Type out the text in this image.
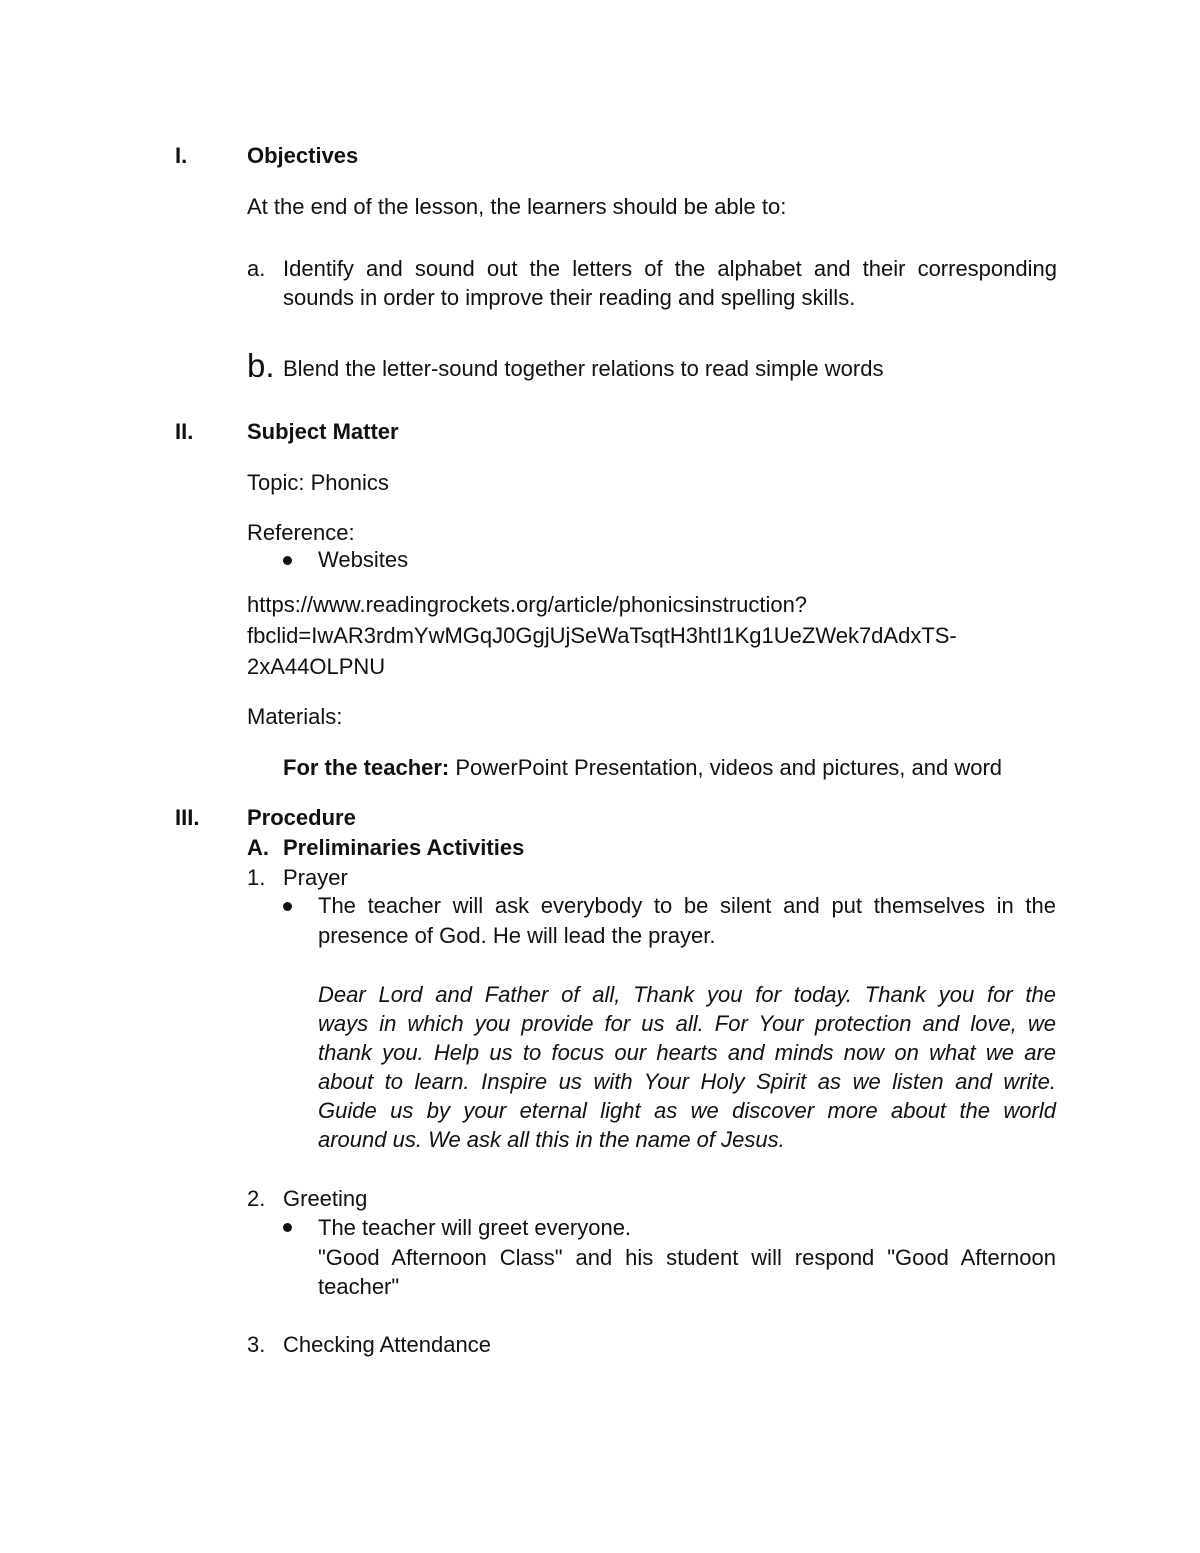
I.	Objectives
At the end of the lesson, the learners should be able to:
a. Identify and sound out the letters of the alphabet and their corresponding
sounds in order to improve their reading and spelling skills.
b. Blend the letter-sound together relations to read simple words
II. Subject Matter
Topic: Phonics
Reference:
Websites
https://www.readingrockets.org/article/phonicsinstruction?
fbclid=IwAR3rdmYwMGqJ0GgjUjSeWaTsqtH3htI1Kg1UeZWek7dAdxTS-
2xA44OLPNU
Materials:
For the teacher: PowerPoint Presentation, videos and pictures, and word
III. Procedure
A. Preliminaries Activities
1. Prayer
The teacher will ask everybody to be silent and put themselves in the
presence of God. He will lead the prayer.
Dear Lord and Father of all, Thank you for today. Thank you for the
ways in which you provide for us all. For Your protection and love, we
thank you. Help us to focus our hearts and minds now on what we are
about to learn. Inspire us with Your Holy Spirit as we listen and write.
Guide us by your eternal light as we discover more about the world
around us. We ask all this in the name of Jesus.
2. Greeting
The teacher will greet everyone.
"Good Afternoon Class" and his student will respond "Good Afternoon
teacher"
3. Checking Attendance
